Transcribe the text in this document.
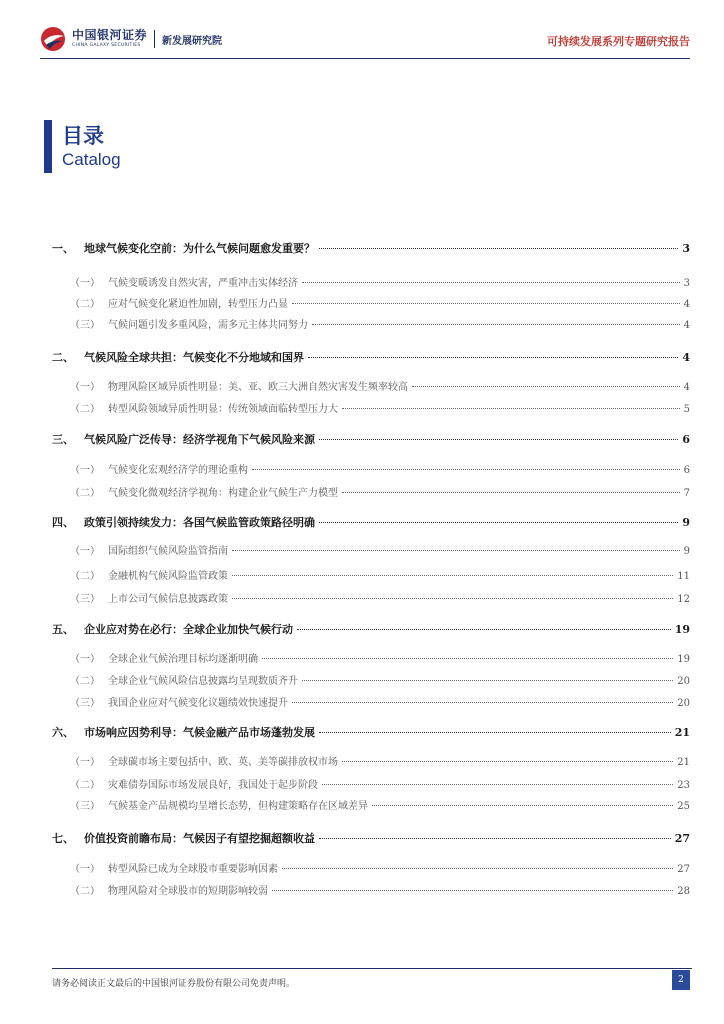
中国银河证券
CHINA GALAXY SECURITIES	新发展研究院	可持续发展系列专题研究报告
目录
Catalog
一、 地球气候变化空前：为什么气候问题愈发重要？	3
（一） 气候变暖诱发自然灾害，严重冲击实体经济	3
（二） 应对气候变化紧迫性加剧，转型压力凸显	4
（三） 气候问题引发多重风险，需多元主体共同努力	4
二、 气候风险全球共担：气候变化不分地域和国界	4
（一） 物理风险区域异质性明显：美、亚、欧三大洲自然灾害发生频率较高	4
（二） 转型风险领域异质性明显：传统领域面临转型压力大	5
三、 气候风险广泛传导：经济学视角下气候风险来源	6
（一） 气候变化宏观经济学的理论重构	6
（二） 气候变化微观经济学视角：构建企业气候生产力模型	7
四、 政策引领持续发力：各国气候监管政策路径明确	9
（一） 国际组织气候风险监管指南	9
（二） 金融机构气候风险监管政策	11
（三） 上市公司气候信息披露政策	12
五、 企业应对势在必行：全球企业加快气候行动	19
（一） 全球企业气候治理目标均逐渐明确	19
（二） 全球企业气候风险信息披露均呈现数质齐升	20
（三） 我国企业应对气候变化议题绩效快速提升	20
六、 市场响应因势利导：气候金融产品市场蓬勃发展	21
（一） 全球碳市场主要包括中、欧、英、美等碳排放权市场	21
（二） 灾难债券国际市场发展良好，我国处于起步阶段	23
（三） 气候基金产品规模均呈增长态势，但构建策略存在区域差异	25
七、 价值投资前瞻布局：气候因子有望挖掘超额收益	27
（一） 转型风险已成为全球股市重要影响因素	27
（二） 物理风险对全球股市的短期影响较弱	28
请务必阅读正文最后的中国银河证券股份有限公司免责声明。	2
